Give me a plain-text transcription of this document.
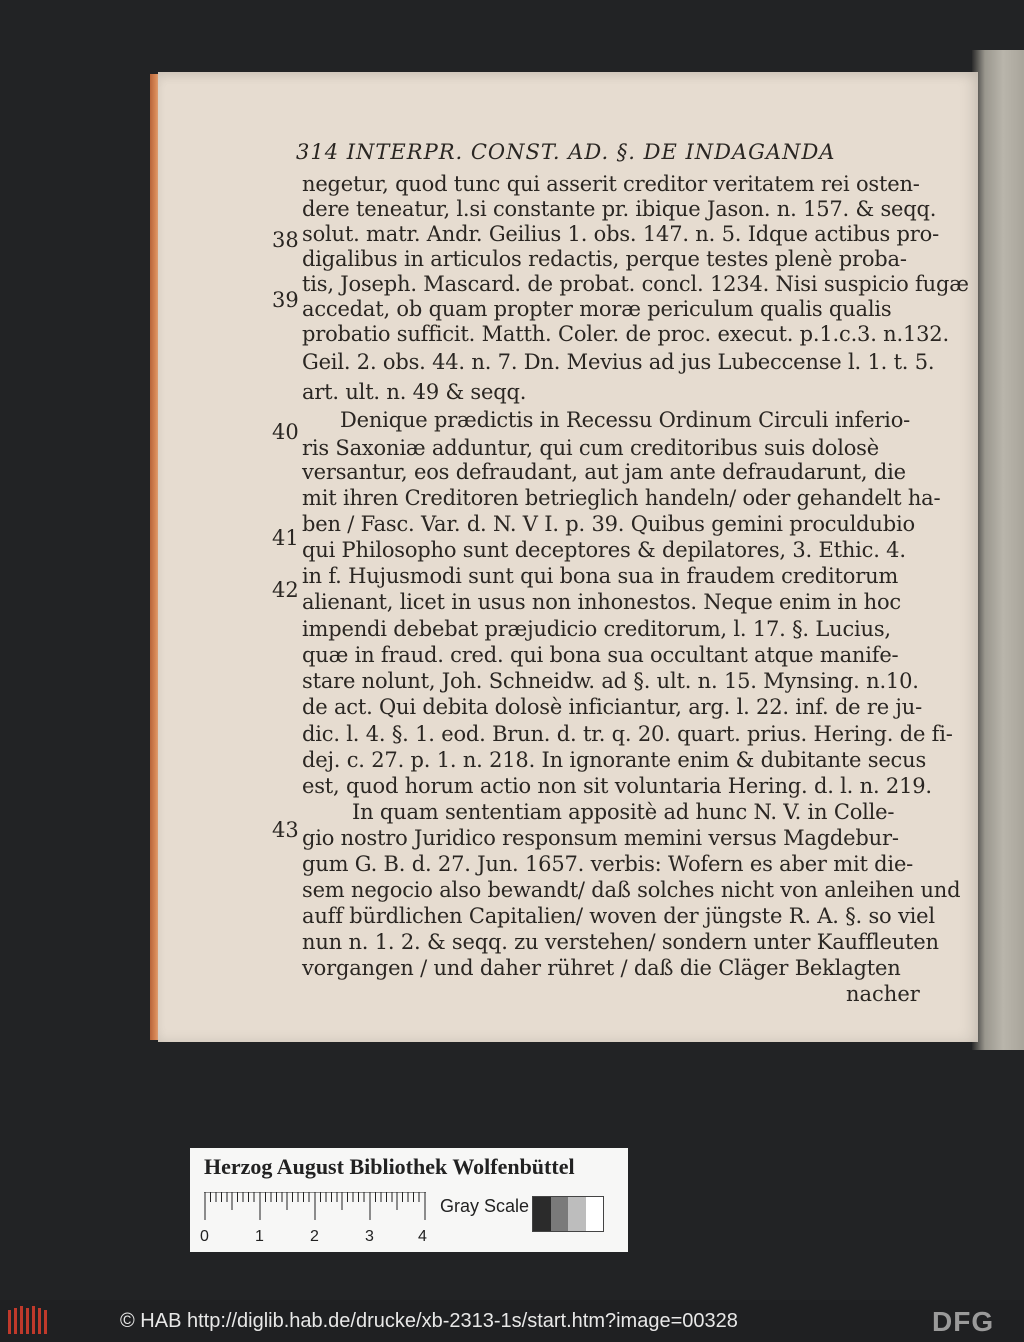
314 INTERPR. CONST. AD. §. DE INDAGANDA
negetur, quod tunc qui asserit creditor veritatem rei osten-
dere teneatur, l.si constante pr. ibique Jason. n. 157. & seqq.
solut. matr. Andr. Geilius 1. obs. 147. n. 5. Idque actibus pro-
digalibus in articulos redactis, perque testes plenè proba-
tis, Joseph. Mascard. de probat. concl. 1234. Nisi suspicio fugæ
accedat, ob quam propter moræ periculum qualis qualis
probatio sufficit. Matth. Coler. de proc. execut. p.1.c.3. n.132.
Geil. 2. obs. 44. n. 7. Dn. Mevius ad jus Lubeccense l. 1. t. 5.
art. ult. n. 49 & seqq.
Denique prædictis in Recessu Ordinum Circuli inferio-
ris Saxoniæ adduntur, qui cum creditoribus suis dolosè
versantur, eos defraudant, aut jam ante defraudarunt, die
mit ihren Creditoren betrieglich handeln/ oder gehandelt ha-
ben / Fasc. Var. d. N. V I. p. 39. Quibus gemini proculdubio
qui Philosopho sunt deceptores & depilatores, 3. Ethic. 4.
in f. Hujusmodi sunt qui bona sua in fraudem creditorum
alienant, licet in usus non inhonestos. Neque enim in hoc
impendi debebat præjudicio creditorum, l. 17. §. Lucius,
quæ in fraud. cred. qui bona sua occultant atque manife-
stare nolunt, Joh. Schneidw. ad §. ult. n. 15. Mynsing. n.10.
de act. Qui debita dolosè inficiantur, arg. l. 22. inf. de re ju-
dic. l. 4. §. 1. eod. Brun. d. tr. q. 20. quart. prius. Hering. de fi-
dej. c. 27. p. 1. n. 218. In ignorante enim & dubitante secus
est, quod horum actio non sit voluntaria Hering. d. l. n. 219.
In quam sententiam appositè ad hunc N. V. in Colle-
gio nostro Juridico responsum memini versus Magdebur-
gum G. B. d. 27. Jun. 1657. verbis: Wofern es aber mit die-
sem negocio also bewandt/ daß solches nicht von anleihen und
auff bürdlichen Capitalien/ woven der jüngste R. A. §. so viel
nun n. 1. 2. & seqq. zu verstehen/ sondern unter Kauffleuten
vorgangen / und daher rühret / daß die Cläger Beklagten
nacher
38
39
40
41
42
43
Herzog August Bibliothek Wolfenbüttel
0	1	2	3	4
Gray Scale
© HAB http://diglib.hab.de/drucke/xb-2313-1s/start.htm?image=00328	DFG
